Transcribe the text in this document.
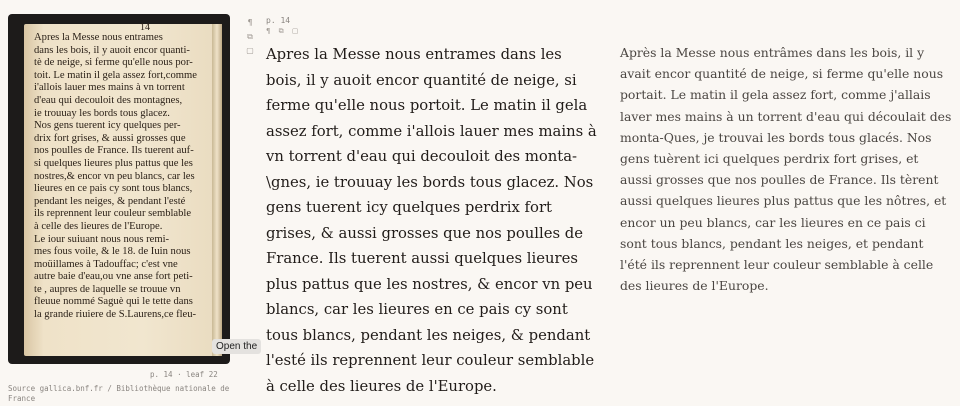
14
Apres la Messe nous entrames
dans les bois, il y auoit encor quanti-
tè de neige, si ferme qu'elle nous por-
toit. Le matin il gela assez fort,comme
i'allois lauer mes mains à vn torrent
d'eau qui decouloit des montagnes,
ie trouuay les bords tous glacez.
Nos gens tuerent icy quelques per-
drix fort grises, & aussi grosses que
nos poulles de France. Ils tuerent auf-
si quelques lieures plus pattus que les
nostres,& encor vn peu blancs, car les
lieures en ce pais cy sont tous blancs,
pendant les neiges, & pendant l'esté
ils reprennent leur couleur semblable
à celle des lieures de l'Europe.
Le iour suiuant nous nous remi-
mes fous voile, & le 18. de Iuin nous
moüillames à Tadouffac; c'est vne
autre baie d'eau,ou vne anse fort peti-
te , aupres de laquelle se trouue vn
fleuue nommé Saguè qui le tette dans
la grande riuiere de S.Laurens,ce fleu-
Open the
p. 14 · leaf 22
Source gallica.bnf.fr / Bibliothèque nationale de France
¶
⧉
▢
p. 14
¶ ⧉ ▢

Apres la Messe nous entrames dans les bois, il y auoit encor quantité de neige, si ferme qu'elle nous portoit. Le matin il gela assez fort, comme i'allois lauer mes mains à vn torrent d'eau qui decouloit des monta-\gnes, ie trouuay les bords tous glacez. Nos gens tuerent icy quelques perdrix fort grises, & aussi grosses que nos poulles de France. Ils tuerent aussi quelques lieures plus pattus que les nostres, & encor vn peu blancs, car les lieures en ce pais cy sont tous blancs, pendant les neiges, & pendant l'esté ils reprennent leur couleur semblable à celle des lieures de l'Europe.

Après la Messe nous entrâmes dans les bois, il y avait encor quantité de neige, si ferme qu'elle nous portait. Le matin il gela assez fort, comme j'allais laver mes mains à un torrent d'eau qui découlait des monta-Ques, je trouvai les bords tous glacés. Nos gens tuèrent ici quelques perdrix fort grises, et aussi grosses que nos poulles de France. Ils tèrent aussi quelques lieures plus pattus que les nôtres, et encor un peu blancs, car les lieures en ce pais ci sont tous blancs, pendant les neiges, et pendant l'été ils reprennent leur couleur semblable à celle des lieures de l'Europe.
